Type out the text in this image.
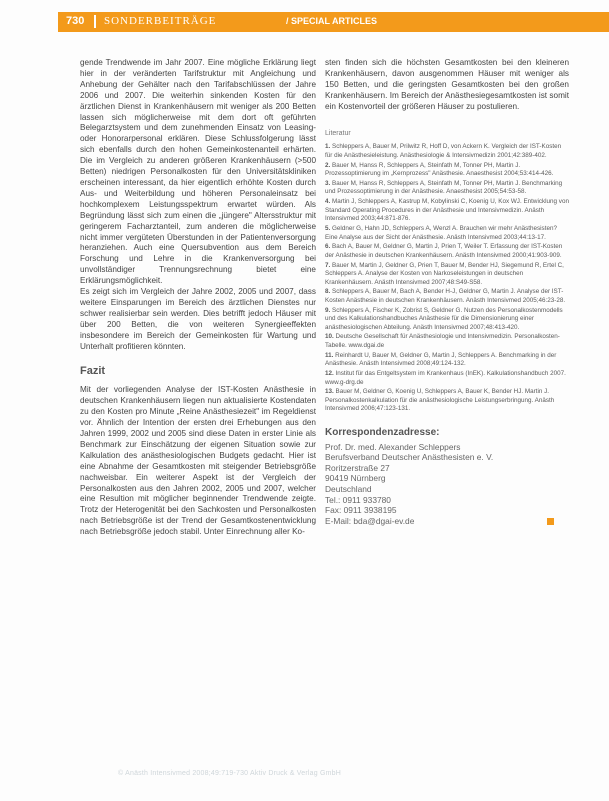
730 SONDERBEITRÄGE	/ SPECIAL ARTICLES

gende Trendwende im Jahr 2007. Eine mögliche Erklärung liegt hier in der veränderten Tarifstruktur mit Angleichung und Anhebung der Gehälter nach den Tarifabschlüssen der Jahre 2006 und 2007. Die weiterhin sinkenden Kosten für den ärztlichen Dienst in Krankenhäusern mit weniger als 200 Betten lassen sich möglicherweise mit dem dort oft geführten Belegarztsystem und dem zunehmenden Einsatz von Leasing- oder Honorarpersonal erklären. Diese Schlussfolgerung lässt sich ebenfalls durch den hohen Gemeinkostenanteil erhärten. Die im Vergleich zu anderen größeren Krankenhäusern (>500 Betten) niedrigen Personalkosten für den Universitätskliniken erscheinen interessant, da hier eigentlich erhöhte Kosten durch Aus- und Weiterbildung und höheren Personaleinsatz bei hochkomplexem Leistungsspektrum erwartet würden. Als Begründung lässt sich zum einen die „jüngere" Altersstruktur mit geringerem Facharztanteil, zum anderen die möglicherweise nicht immer vergüteten Überstunden in der Patientenversorgung heranziehen. Auch eine Quersubvention aus dem Bereich Forschung und Lehre in die Krankenversorgung bei unvollständiger Trennungsrechnung bietet eine Erklärungsmöglichkeit.

Es zeigt sich im Vergleich der Jahre 2002, 2005 und 2007, dass weitere Einsparungen im Bereich des ärztlichen Dienstes nur schwer realisierbar sein werden. Dies betrifft jedoch Häuser mit über 200 Betten, die von weiteren Synergieeffekten insbesondere im Bereich der Gemeinkosten für Wartung und Unterhalt profitieren könnten.

Fazit

Mit der vorliegenden Analyse der IST-Kosten Anästhesie in deutschen Krankenhäusern liegen nun aktualisierte Kostendaten zu den Kosten pro Minute „Reine Anästhesiezeit" im Regeldienst vor. Ähnlich der Intention der ersten drei Erhebungen aus den Jahren 1999, 2002 und 2005 sind diese Daten in erster Linie als Benchmark zur Einschätzung der eigenen Situation sowie zur Kalkulation des anästhesiologischen Budgets gedacht. Hier ist eine Abnahme der Gesamtkosten mit steigender Betriebsgröße nachweisbar. Ein weiterer Aspekt ist der Vergleich der Personalkosten aus den Jahren 2002, 2005 und 2007, welcher eine Resultion mit möglicher beginnender Trendwende zeigte. Trotz der Heterogenität bei den Sachkosten und Personalkosten nach Betriebsgröße ist der Trend der Gesamtkostenentwicklung nach Betriebsgröße jedoch stabil. Unter Einrechnung aller Ko-

sten finden sich die höchsten Gesamtkosten bei den kleineren Krankenhäusern, davon ausgenommen Häuser mit weniger als 150 Betten, und die geringsten Gesamtkosten bei den großen Krankenhäusern. Im Bereich der Anästhesiegesamtkosten ist somit ein Kostenvorteil der größeren Häuser zu postulieren.

Literatur
1. Schleppers A, Bauer M, Prilwitz R, Hoff D, von Ackern K. Vergleich der IST-Kosten für die Anästhesieleistung. Anästhesiologie & Intensivmedizin 2001;42:389-402.
2. Bauer M, Hanss R, Schleppers A, Steinfath M, Tonner PH, Martin J. Prozessoptimierung im „Kernprozess" Anästhesie. Anaesthesist 2004;53:414-426.
3. Bauer M, Hanss R, Schleppers A, Steinfath M, Tonner PH, Martin J. Benchmarking und Prozessoptimierung in der Anästhesie. Anaesthesist 2005;54:53-58.
4. Martin J, Schleppers A, Kastrup M, Kobylinski C, Koenig U, Kox WJ. Entwicklung von Standard Operating Procedures in der Anästhesie und Intensivmedizin. Anästh Intensivmed 2003;44:871-876.
5. Geldner G, Hahn JD, Schleppers A, Wenzl A. Brauchen wir mehr Anästhesisten? Eine Analyse aus der Sicht der Anästhesie. Anästh Intensivmed 2003;44:13-17.
6. Bach A, Bauer M, Geldner G, Martin J, Prien T, Weiler T. Erfassung der IST-Kosten der Anästhesie in deutschen Krankenhäusern. Anästh Intensivmed 2000;41:903-909.
7. Bauer M, Martin J, Geldner G, Prien T, Bauer M, Bender HJ, Siegemund R, Ertel C, Schleppers A. Analyse der Kosten von Narkoseleistungen in deutschen Krankenhäusern. Anästh Intensivmed 2007;48:S49-S58.
8. Schleppers A, Bauer M, Bach A, Bender H-J, Geldner G, Martin J. Analyse der IST-Kosten Anästhesie in deutschen Krankenhäusern. Anästh Intensivmed 2005;46:23-28.
9. Schleppers A, Fischer K, Zobrist S, Geldner G. Nutzen des Personalkostenmodells und des Kalkulationshandbuches Anästhesie für die Dimensionierung einer anästhesiologischen Abteilung. Anästh Intensivmed 2007;48:413-420.
10. Deutsche Gesellschaft für Anästhesiologie und Intensivmedizin. Personalkosten-Tabelle. www.dgai.de
11. Reinhardt U, Bauer M, Geldner G, Martin J, Schleppers A. Benchmarking in der Anästhesie. Anästh Intensivmed 2008;49:124-132.
12. Institut für das Entgeltsystem im Krankenhaus (InEK). Kalkulationshandbuch 2007. www.g-drg.de
13. Bauer M, Geldner G, Koenig U, Schleppers A, Bauer K, Bender HJ. Martin J. Personalkostenkalkulation für die anästhesiologische Leistungserbringung. Anästh Intensivmed 2006;47:123-131.
Korrespondenzadresse:
Prof. Dr. med. Alexander Schleppers
Berufsverband Deutscher Anästhesisten e. V.
Roritzerstraße 27
90419 Nürnberg
Deutschland
Tel.: 0911 933780
Fax: 0911 3938195
E-Mail: bda@dgai-ev.de
© Anästh Intensivmed 2008;49:719-730 Aktiv Druck & Verlag GmbH
